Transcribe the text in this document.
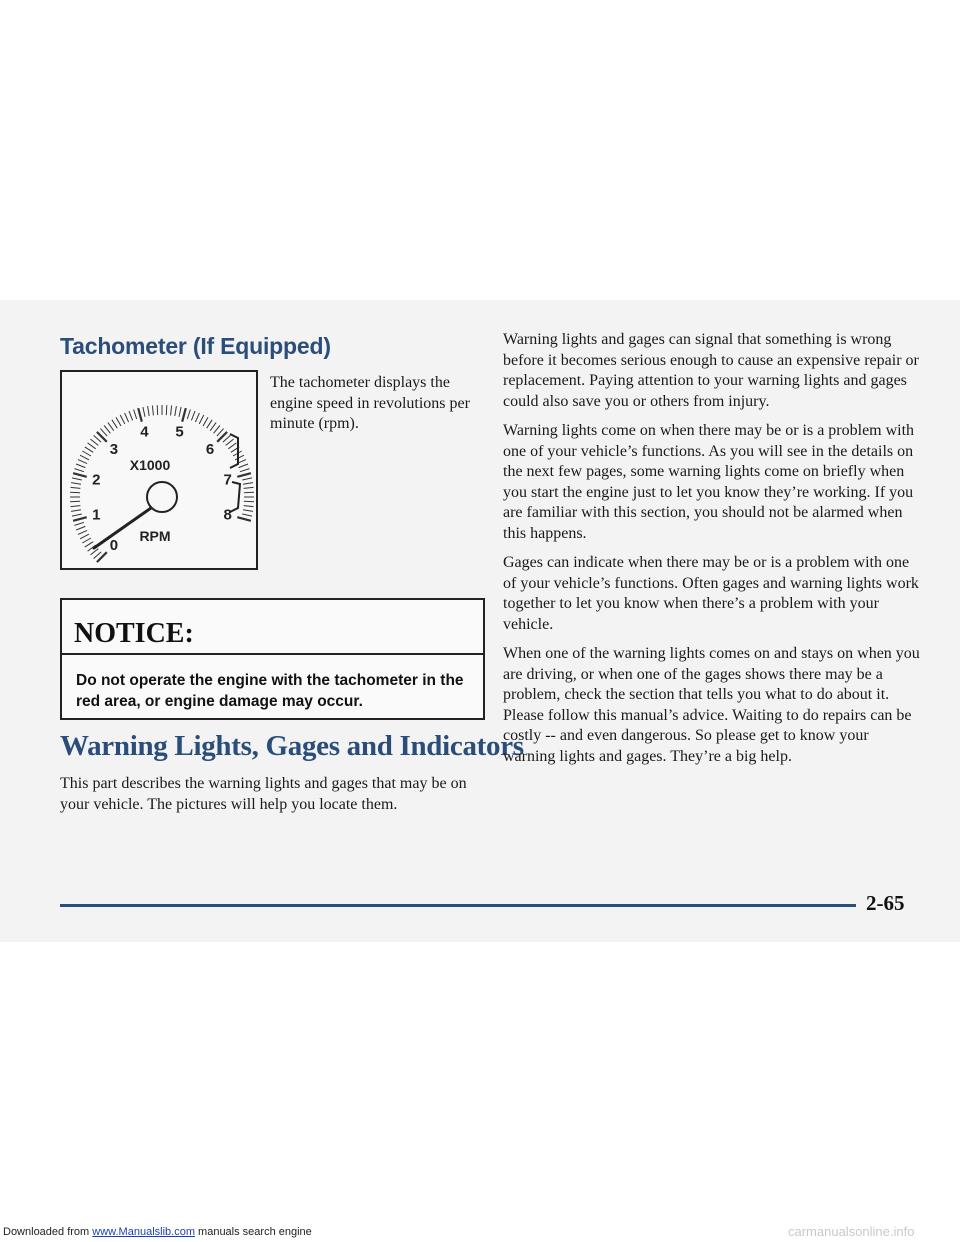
Downloaded from www.Manualslib.com manuals search engine
Tachometer (If Equipped)
0
1
2
3
4 5
6
7
8
X1000
RPM

The tachometer displays the engine speed in revolutions per minute (rpm).

NOTICE:
Do not operate the engine with the tachometer in the red area, or engine damage may occur.
Warning Lights, Gages and Indicators

This part describes the warning lights and gages that may be on your vehicle. The pictures will help you locate them.

Warning lights and gages can signal that something is wrong before it becomes serious enough to cause an expensive repair or replacement. Paying attention to your warning lights and gages could also save you or others from injury.

Warning lights come on when there may be or is a problem with one of your vehicle’s functions. As you will see in the details on the next few pages, some warning lights come on briefly when you start the engine just to let you know they’re working. If you are familiar with this section, you should not be alarmed when this happens.

Gages can indicate when there may be or is a problem with one of your vehicle’s functions. Often gages and warning lights work together to let you know when there’s a problem with your vehicle.

When one of the warning lights comes on and stays on when you are driving, or when one of the gages shows there may be a problem, check the section that tells you what to do about it. Please follow this manual’s advice. Waiting to do repairs can be costly -- and even dangerous. So please get to know your warning lights and gages. They’re a big help.

2-65
carmanualsonline.info
